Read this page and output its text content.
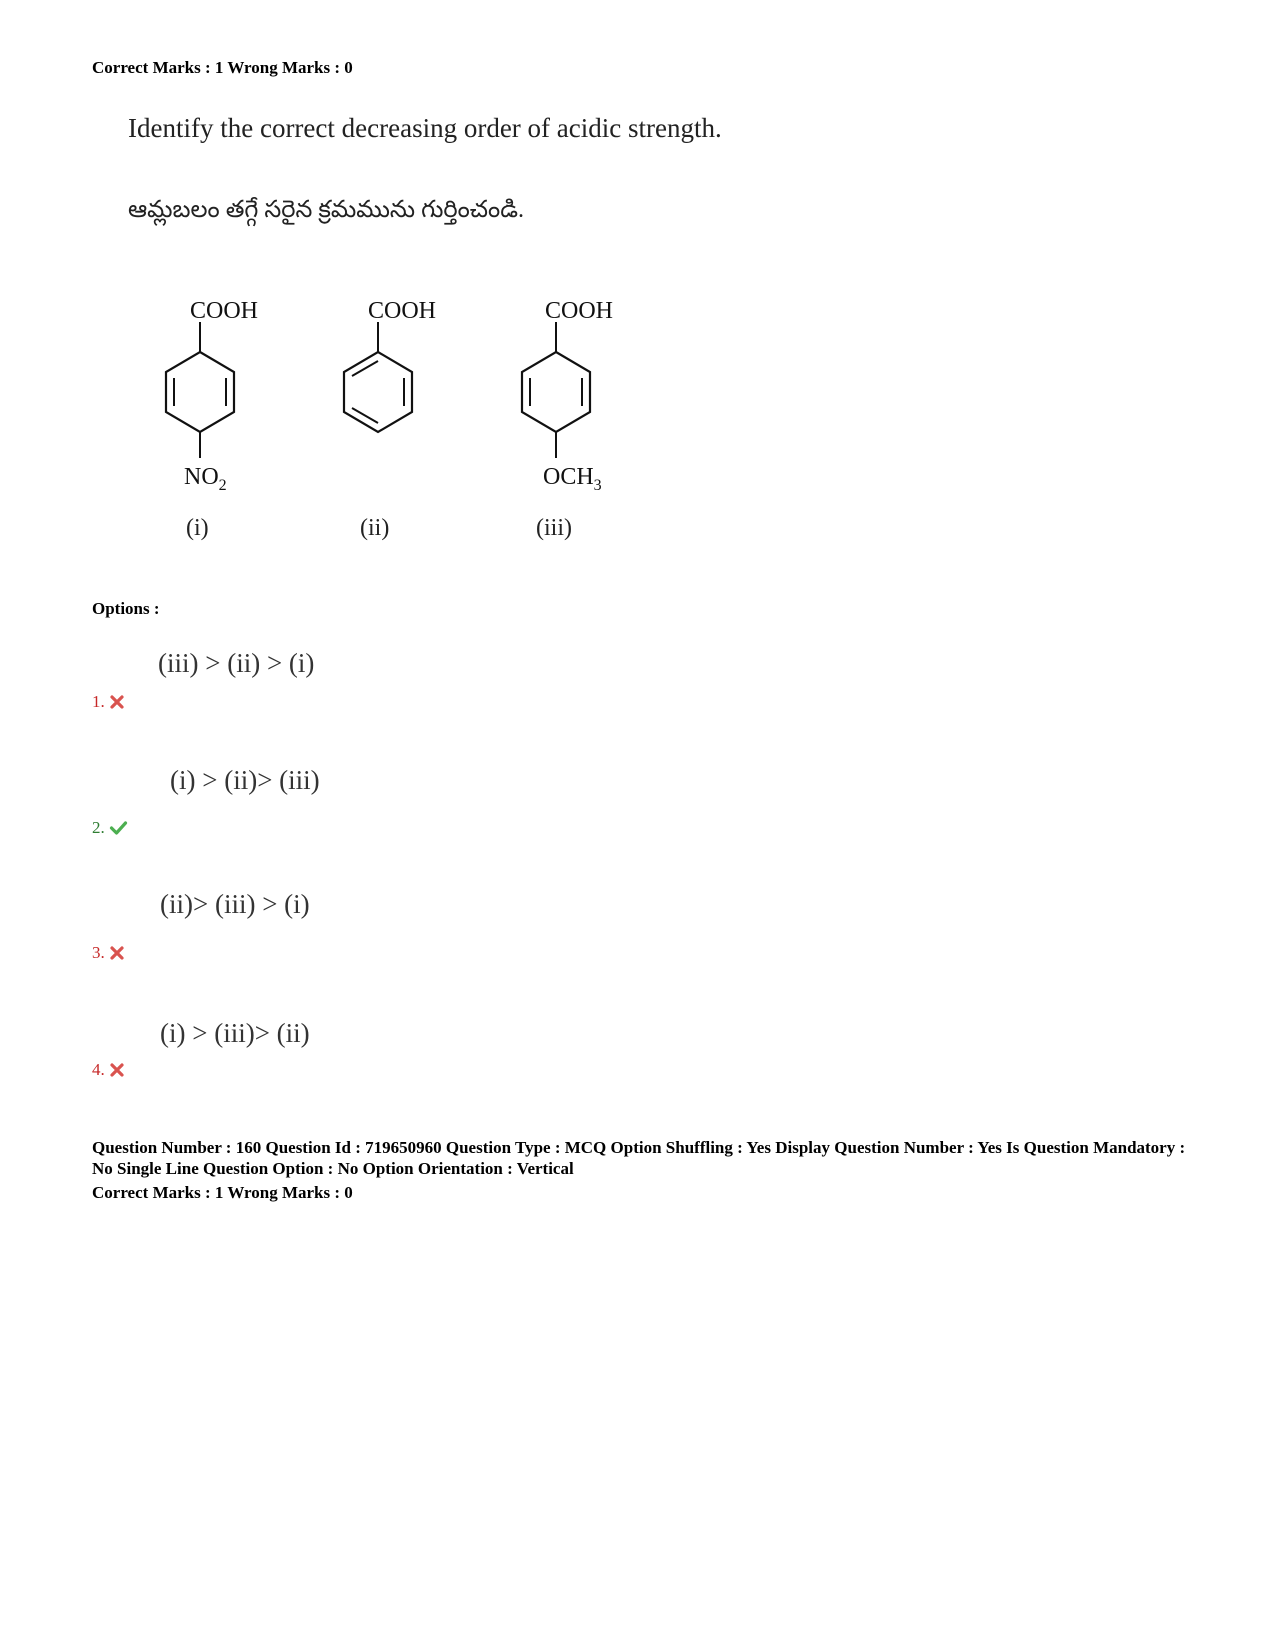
Correct Marks : 1 Wrong Marks : 0
Identify the correct decreasing order of acidic strength.
ఆమ్లబలం తగ్గే సరైన క్రమమును గుర్తించండి.
COOH
$NO_2$
(i)
COOH
(ii)
COOH
$OCH_3$
(iii)
Options :
(iii) > (ii) > (i)
1.
(i) > (ii)> (iii)
2.
(ii)> (iii) > (i)
3.
(i) > (iii)> (ii)
4.
Question Number : 160 Question Id : 719650960 Question Type : MCQ Option Shuffling : Yes Display Question Number : Yes Is Question Mandatory : No Single Line Question Option : No Option Orientation : Vertical
Correct Marks : 1 Wrong Marks : 0
